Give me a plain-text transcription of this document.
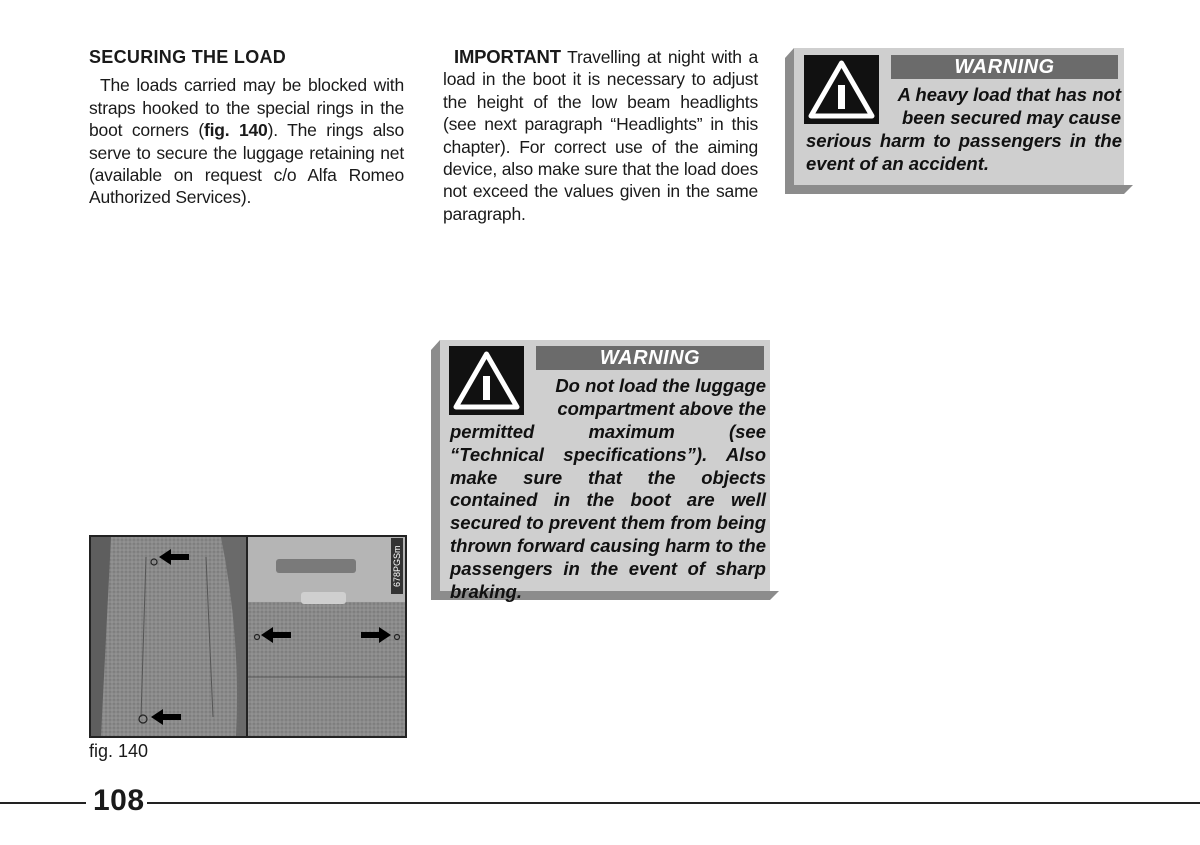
SECURING THE LOAD

The loads carried may be blocked with straps hooked to the special rings in the boot corners (fig. 140). The rings also serve to secure the luggage retaining net (available on request c/o Alfa Romeo Authorized Services).

IMPORTANT Travelling at night with a load in the boot it is necessary to adjust the height of the low beam headlights (see next paragraph “Headlights” in this chapter). For correct use of the aiming device, also make sure that the load does not exceed the values given in the same paragraph.

WARNING
A heavy load that has not
been secured may cause
serious harm to passengers in the event of an accident.
WARNING
Do not load the luggage
compartment above the
permitted maximum (see “Technical specifications”). Also make sure that the objects contained in the boot are well secured to prevent them from being thrown forward causing harm to the passengers in the event of sharp braking.
678PGSm
fig. 140
108
